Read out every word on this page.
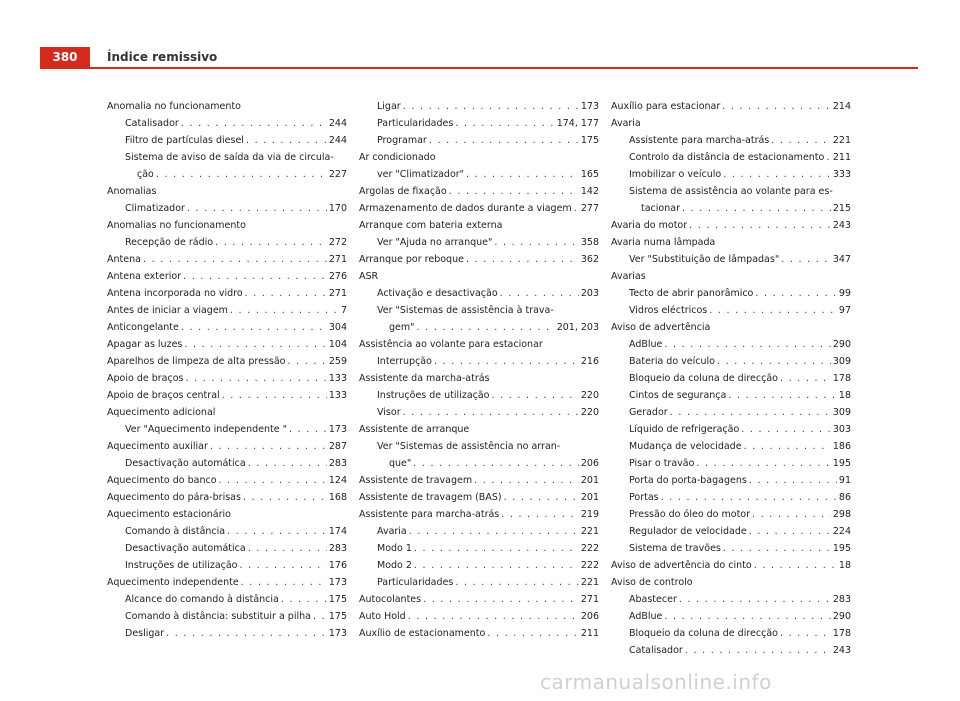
380	Índice remissivo
Anomalia no funcionamento
Catalisador . . .	244
Filtro de partículas diesel . . .	244
Sistema de aviso de saída da via de circula-
ção . . .	227
Anomalias
Climatizador . . .	170
Anomalias no funcionamento
Recepção de rádio . . .	272
Antena . . .	271
Antena exterior . . .	276
Antena incorporada no vidro . . .	271
Antes de iniciar a viagem . . .	7
Anticongelante . . .	304
Apagar as luzes . . .	104
Aparelhos de limpeza de alta pressão . . .	259
Apoio de braços . . .	133
Apoio de braços central . . .	133
Aquecimento adicional
Ver "Aquecimento independente " . . .	173
Aquecimento auxiliar . . .	287
Desactivação automática . . .	283
Aquecimento do banco . . .	124
Aquecimento do pára-brisas . . .	168
Aquecimento estacionário
Comando à distância . . .	174
Desactivação automática . . .	283
Instruções de utilização . . .	176
Aquecimento independente . . .	173
Alcance do comando à distância . . .	175
Comando à distância: substituir a pilha . . . 175
Desligar . . .	173
Ligar . . .	173
Particularidades . . .	174, 177
Programar . . .	175
Ar condicionado
ver "Climatizador" . . .	165
Argolas de fixação . . .	142
Armazenamento de dados durante a viagem . . . 277
Arranque com bateria externa
Ver "Ajuda no arranque" . . .	358
Arranque por reboque . . .	362
ASR
Activação e desactivação . . .	203
Ver "Sistemas de assistência à trava-
gem" . . .	201, 203
Assistência ao volante para estacionar
Interrupção . . .	216
Assistente da marcha-atrás
Instruções de utilização . . .	220
Visor . . .	220
Assistente de arranque
Ver "Sistemas de assistência no arran-
que" . . .	206
Assistente de travagem . . .	201
Assistente de travagem (BAS) . . .	201
Assistente para marcha-atrás . . .	219
Avaria . . .	221
Modo 1 . . .	222
Modo 2 . . .	222
Particularidades . . .	221
Autocolantes . . .	271
Auto Hold . . .	206
Auxílio de estacionamento . . .	211
Auxílio para estacionar . . .	214
Avaria
Assistente para marcha-atrás . . .	221
Controlo da distância de estacionamento . . . 211
Imobilizar o veículo . . .	333
Sistema de assistência ao volante para es-
tacionar . . .	215
Avaria do motor . . .	243
Avaria numa lâmpada
Ver "Substituição de lâmpadas" . . .	347
Avarias
Tecto de abrir panorâmico . . .	99
Vidros eléctricos . . .	97
Aviso de advertência
AdBlue . . .	290
Bateria do veículo . . .	309
Bloqueio da coluna de direcção . . .	178
Cintos de segurança . . .	18
Gerador . . .	309
Líquido de refrigeração . . .	303
Mudança de velocidade . . .	186
Pisar o travão . . .	195
Porta do porta-bagagens . . .	91
Portas . . .	86
Pressão do óleo do motor . . .	298
Regulador de velocidade . . .	224
Sistema de travões . . .	195
Aviso de advertência do cinto . . .	18
Aviso de controlo
Abastecer . . .	283
AdBlue . . .	290
Bloqueio da coluna de direcção . . .	178
Catalisador . . .	243
carmanualsonline.info
